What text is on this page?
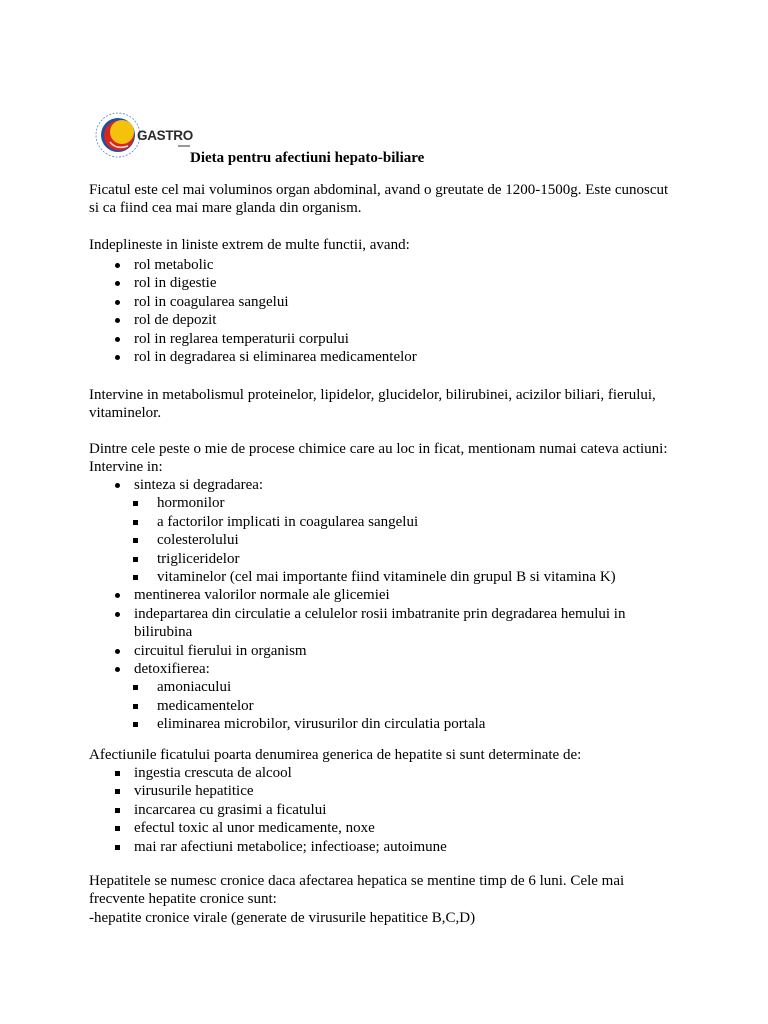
GASTRO
Dieta pentru afectiuni hepato-biliare
Ficatul este cel mai voluminos organ abdominal, avand o greutate de 1200-1500g. Este cunoscut
si ca fiind cea mai mare glanda din organism.
Indeplineste in liniste extrem de multe functii, avand:
rol metabolic
rol in digestie
rol in coagularea sangelui
rol de depozit
rol in reglarea temperaturii corpului
rol in degradarea si eliminarea medicamentelor
Intervine in metabolismul proteinelor, lipidelor, glucidelor, bilirubinei, acizilor biliari, fierului,
vitaminelor.
Dintre cele peste o mie de procese chimice care au loc in ficat, mentionam numai cateva actiuni:
Intervine in:
sinteza si degradarea:
hormonilor
a factorilor implicati in coagularea sangelui
colesterolului
trigliceridelor
vitaminelor (cel mai importante fiind vitaminele din grupul B si vitamina K)
mentinerea valorilor normale ale glicemiei
indepartarea din circulatie a celulelor rosii imbatranite prin degradarea hemului in
bilirubina
circuitul fierului in organism
detoxifierea:
amoniacului
medicamentelor
eliminarea microbilor, virusurilor din circulatia portala
Afectiunile ficatului poarta denumirea generica de hepatite si sunt determinate de:
ingestia crescuta de alcool
virusurile hepatitice
incarcarea cu grasimi a ficatului
efectul toxic al unor medicamente, noxe
mai rar afectiuni metabolice; infectioase; autoimune
Hepatitele se numesc cronice daca afectarea hepatica se mentine timp de 6 luni. Cele mai
frecvente hepatite cronice sunt:
-hepatite cronice virale (generate de virusurile hepatitice B,C,D)
